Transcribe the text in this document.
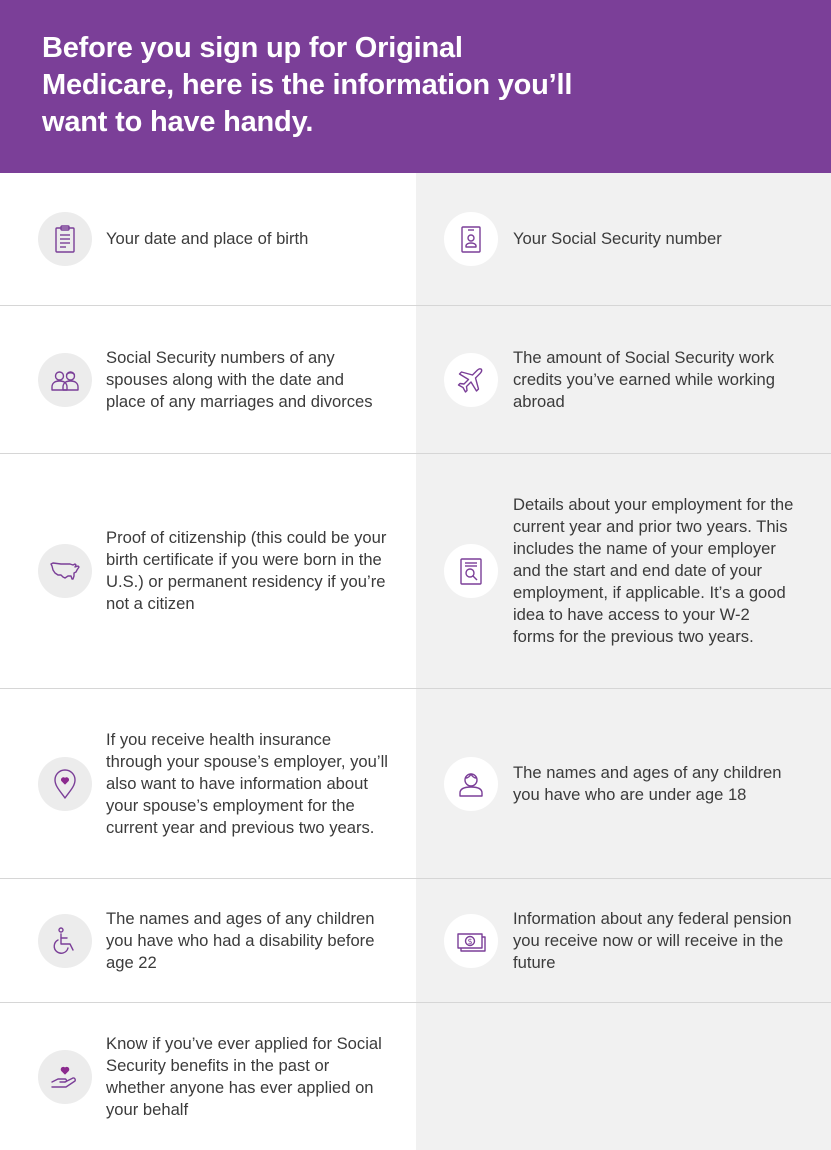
Before you sign up for Original Medicare, here is the information you’ll want to have handy.
Your date and place of birth	Your Social Security number
Social Security numbers of any spouses along with the date and place of any marriages and divorces
The amount of Social Security work credits you’ve earned while working abroad
Proof of citizenship (this could be your birth certificate if you were born in the U.S.) or permanent residency if you’re not a citizen
Details about your employment for the current year and prior two years. This includes the name of your employer and the start and end date of your employment, if applicable. It’s a good idea to have access to your W-2 forms for the previous two years.
If you receive health insurance through your spouse’s employer, you’ll also want to have information about your spouse’s employment for the current year and previous two years.
The names and ages of any children you have who are under age 18
The names and ages of any children you have who had a disability before age 22
$
Information about any federal pension you receive now or will receive in the future
Know if you’ve ever applied for Social Security benefits in the past or whether anyone has ever applied on your behalf
